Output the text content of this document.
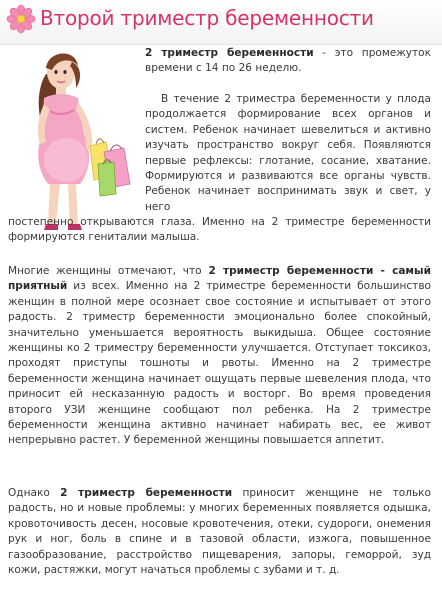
Второй триместр беременности

2 триместр беременности - это промежуток времени с 14 по 26 неделю.

В течение 2 триместра беременности у плода продолжается формирование всех органов и систем. Ребенок начинает шевелиться и активно изучать пространство вокруг себя. Появляются первые рефлексы: глотание, сосание, хватание. Формируются и развиваются все органы чувств. Ребенок начинает воспринимать звук и свет, у него

постепенно открываются глаза. Именно на 2 триместре беременности формируются гениталии малыша.

Многие женщины отмечают, что 2 триместр беременности - самый приятный из всех. Именно на 2 триместре беременности большинство женщин в полной мере осознает свое состояние и испытывает от этого радость. 2 триместр беременности эмоционально более спокойный, значительно уменьшается вероятность выкидыша. Общее состояние женщины ко 2 триместру беременности улучшается. Отступает токсикоз, проходят приступы тошноты и рвоты. Именно на 2 триместре беременности женщина начинает ощущать первые шевеления плода, что приносит ей несказанную радость и восторг. Во время проведения второго УЗИ женщине сообщают пол ребенка. На 2 триместре беременности женщина активно начинает набирать вес, ее живот непрерывно растет. У беременной женщины повышается аппетит.

Однако 2 триместр беременности приносит женщине не только радость, но и новые проблемы: у многих беременных появляется одышка, кровоточивость десен, носовые кровотечения, отеки, судороги, онемения рук и ног, боль в спине и в тазовой области, изжога, повышенное газообразование, расстройство пищеварения, запоры, геморрой, зуд кожи, растяжки, могут начаться проблемы с зубами и т. д.
